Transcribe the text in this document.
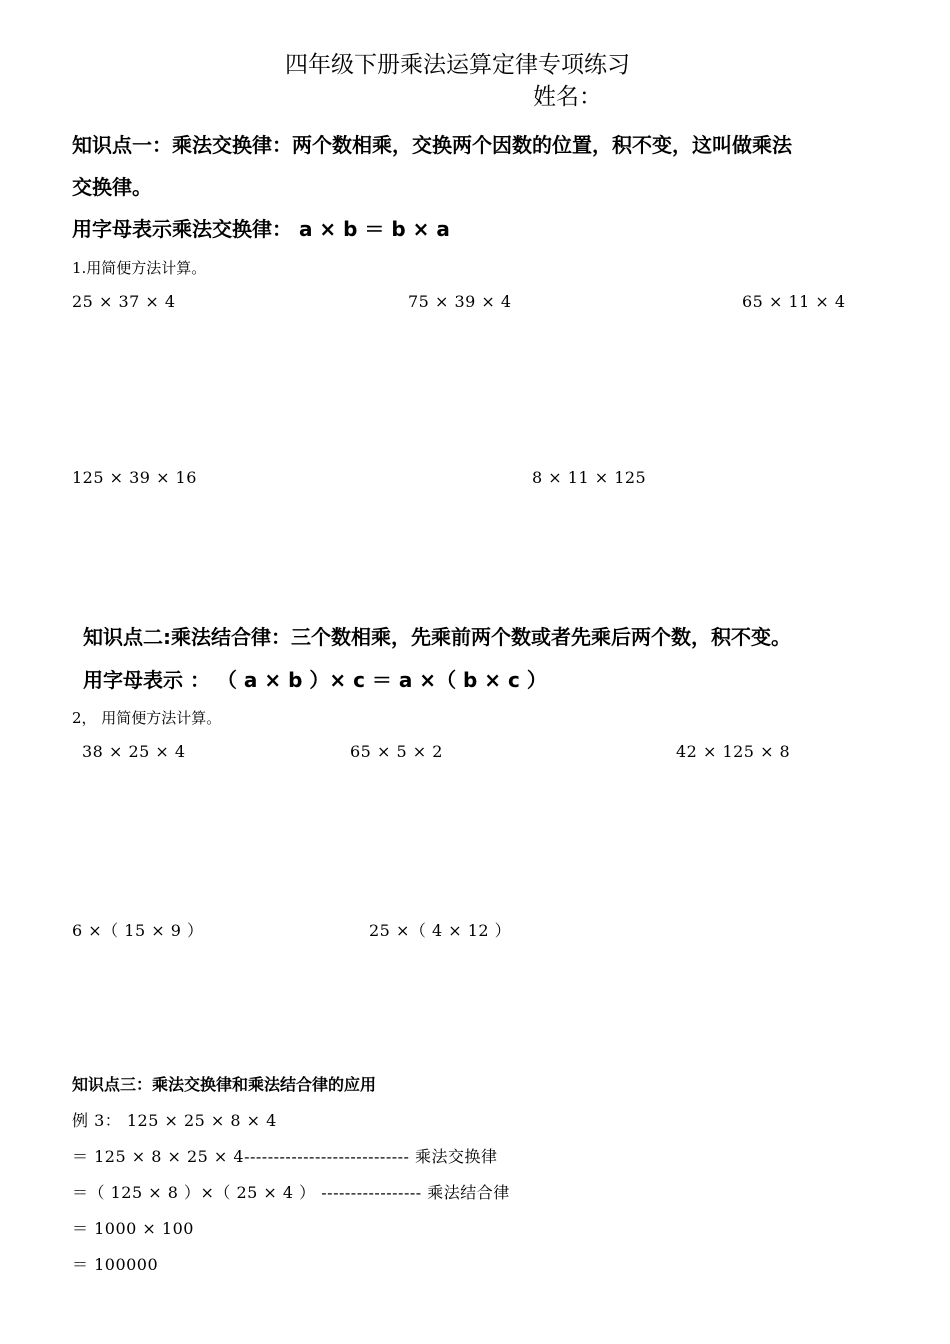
四年级下册乘法运算定律专项练习
姓名：
知识点一：乘法交换律：两个数相乘，交换两个因数的位置，积不变，这叫做乘法
交换律。
用字母表示乘法交换律： a × b ＝ b × a
1.用简便方法计算。
25 × 37 × 4	75 × 39 × 4	65 × 11 × 4
125 × 39 × 16	8 × 11 × 125
知识点二:乘法结合律：三个数相乘，先乘前两个数或者先乘后两个数，积不变。
用字母表示 ： （ a × b ）× c ＝ a ×（ b × c ）
2， 用简便方法计算。
38 × 25 × 4	65 × 5 × 2	42 × 125 × 8
6 ×（ 15 × 9 ）	25 ×（ 4 × 12 ）
知识点三：乘法交换律和乘法结合律的应用
例 3： 125 × 25 × 8 × 4
＝ 125 × 8 × 25 × 4---------------------------- 乘法交换律
＝（ 125 × 8 ）×（ 25 × 4 ） ----------------- 乘法结合律
＝ 1000 × 100
＝ 100000
